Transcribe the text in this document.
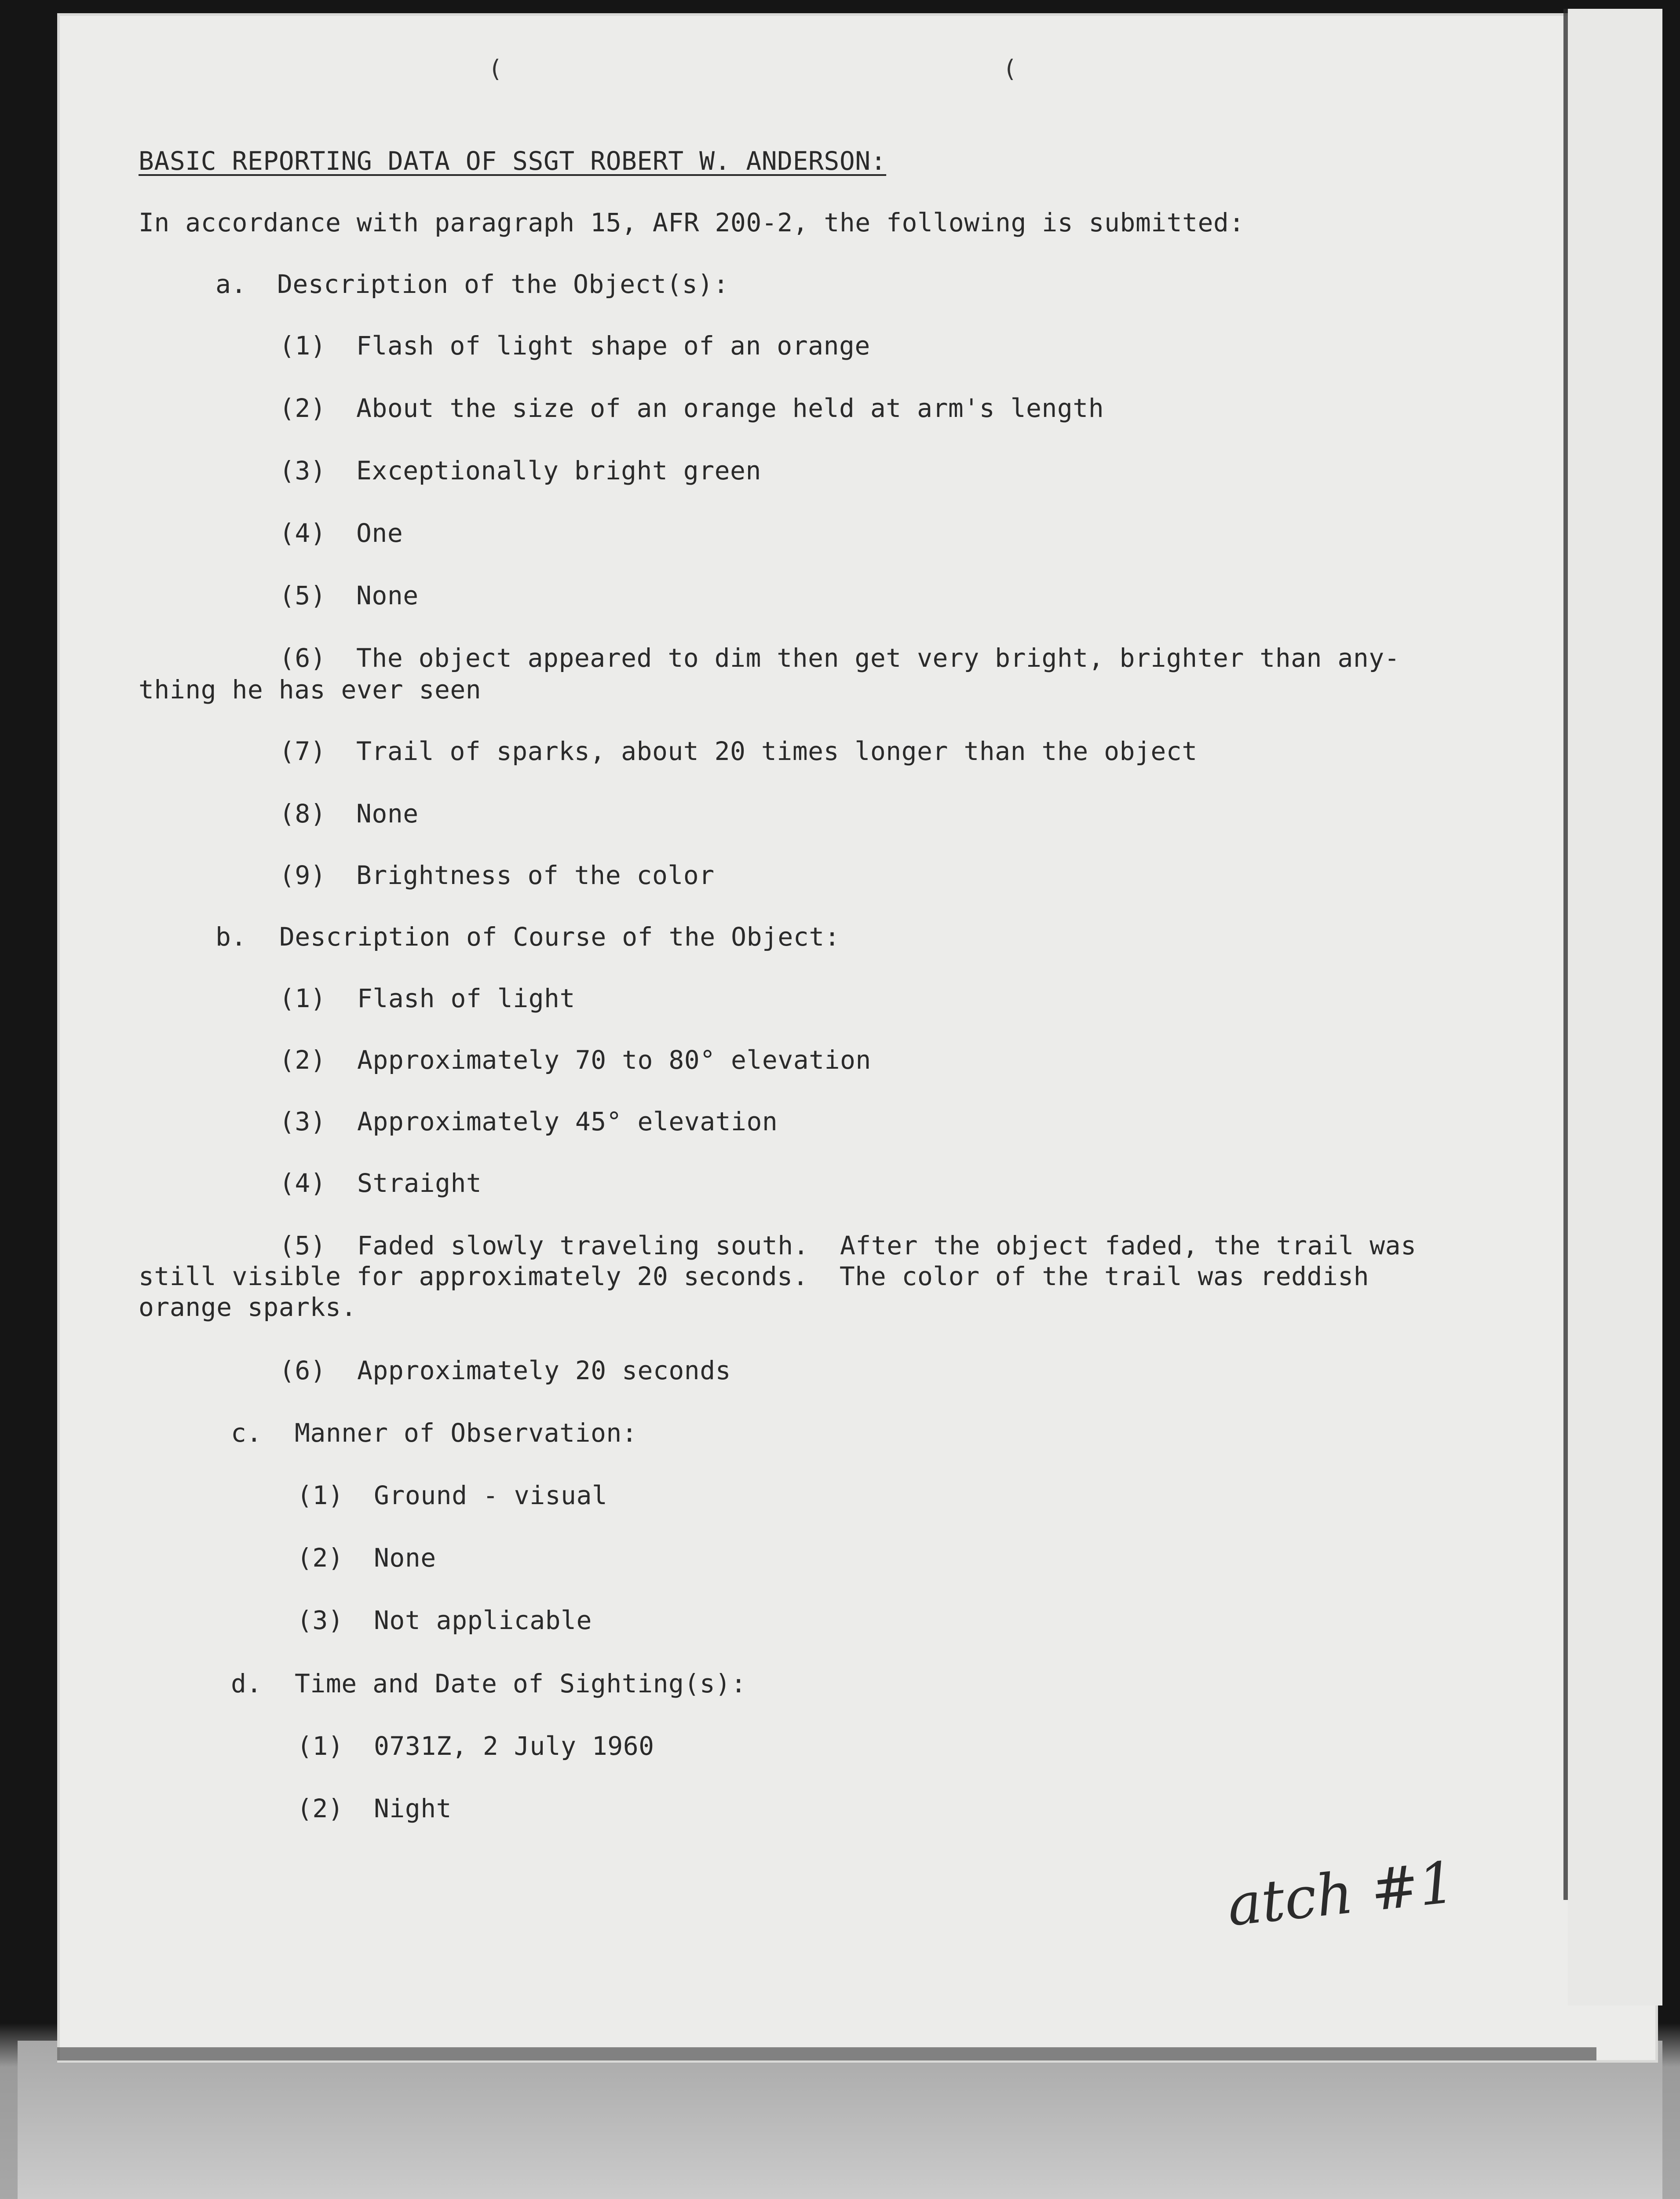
(	(
BASIC REPORTING DATA OF SSGT ROBERT W. ANDERSON:
In accordance with paragraph 15, AFR 200-2, the following is submitted:
a. Description of the Object(s):
(1) Flash of light shape of an orange
(2) About the size of an orange held at arm's length
(3) Exceptionally bright green
(4) One
(5) None
(6) The object appeared to dim then get very bright, brighter than any-
thing he has ever seen
(7) Trail of sparks, about 20 times longer than the object
(8) None
(9) Brightness of the color
b. Description of Course of the Object:
(1) Flash of light
(2) Approximately 70 to 80° elevation
(3) Approximately 45° elevation
(4) Straight
(5) Faded slowly traveling south.  After the object faded, the trail was
still visible for approximately 20 seconds.  The color of the trail was reddish
orange sparks.
(6) Approximately 20 seconds
c. Manner of Observation:
(1) Ground - visual
(2) None
(3) Not applicable
d. Time and Date of Sighting(s):
(1) 0731Z, 2 July 1960
(2) Night
atch #1
